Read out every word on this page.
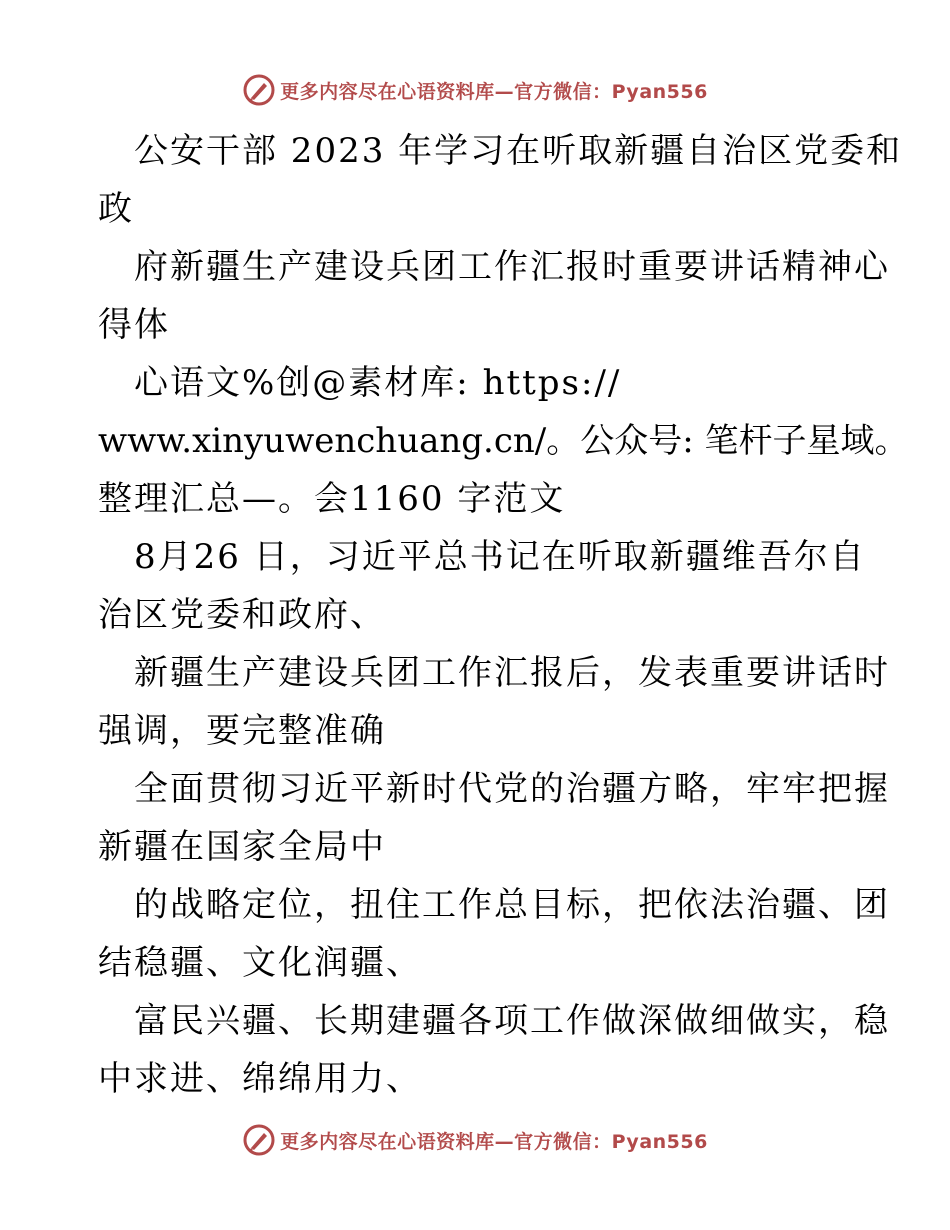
更多内容尽在心语资料库—官方微信：Pyan556
公安干部 2023 年学习在听取新疆自治区党委和
政
府新疆生产建设兵团工作汇报时重要讲话精神心
得体
心语文%创@素材库: https://
www.xinyuwenchuang.cn/。公众号: 笔杆子星域。
整理汇总—。会1160 字范文
8月26 日，习近平总书记在听取新疆维吾尔自
治区党委和政府、
新疆生产建设兵团工作汇报后，发表重要讲话时
强调，要完整准确
全面贯彻习近平新时代党的治疆方略，牢牢把握
新疆在国家全局中
的战略定位，扭住工作总目标，把依法治疆、团
结稳疆、文化润疆、
富民兴疆、长期建疆各项工作做深做细做实，稳
中求进、绵绵用力、
更多内容尽在心语资料库—官方微信：Pyan556
